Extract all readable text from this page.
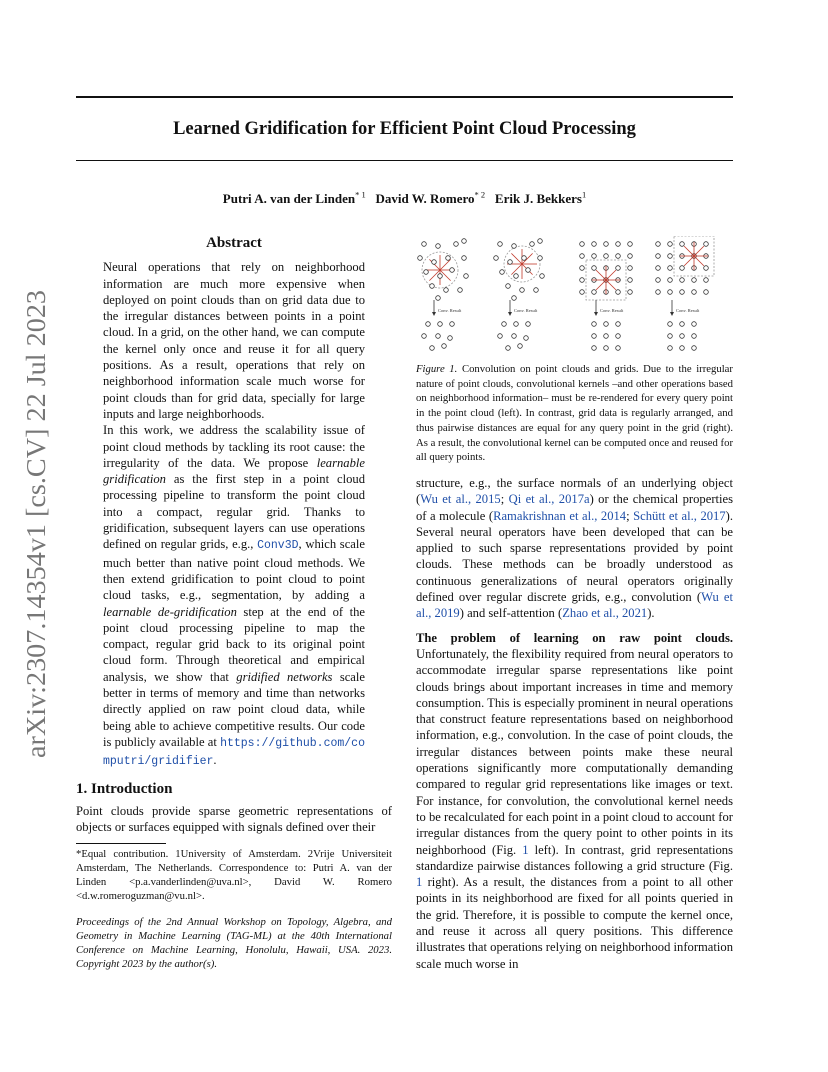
Learned Gridification for Efficient Point Cloud Processing
Putri A. van der Linden$^{* 1}$ David W. Romero$^{* 2}$ Erik J. Bekkers$^1$
arXiv:2307.14354v1 [cs.CV] 22 Jul 2023
Abstract

Neural operations that rely on neighborhood information are much more expensive when deployed on point clouds than on grid data due to the irregular distances between points in a point cloud. In a grid, on the other hand, we can compute the kernel only once and reuse it for all query positions. As a result, operations that rely on neighborhood information scale much worse for point clouds than for grid data, specially for large inputs and large neighborhoods.

In this work, we address the scalability issue of point cloud methods by tackling its root cause: the irregularity of the data. We propose learnable gridification as the first step in a point cloud processing pipeline to transform the point cloud into a compact, regular grid. Thanks to gridification, subsequent layers can use operations defined on regular grids, e.g., Conv3D, which scale much better than native point cloud methods. We then extend gridification to point cloud to point cloud tasks, e.g., segmentation, by adding a learnable de-gridification step at the end of the point cloud processing pipeline to map the compact, regular grid back to its original point cloud form. Through theoretical and empirical analysis, we show that gridified networks scale better in terms of memory and time than networks directly applied on raw point cloud data, while being able to achieve competitive results. Our code is publicly available at https://github.com/computri/gridifier.

1. Introduction

Point clouds provide sparse geometric representations of objects or surfaces equipped with signals defined over their

*Equal contribution. 1University of Amsterdam. 2Vrije Universiteit Amsterdam, The Netherlands. Correspondence to: Putri A. van der Linden <p.a.vanderlinden@uva.nl>, David W. Romero <d.w.romeroguzman@vu.nl>.
Proceedings of the 2nd Annual Workshop on Topology, Algebra, and Geometry in Machine Learning (TAG-ML) at the 40th International Conference on Machine Learning, Honolulu, Hawaii, USA. 2023. Copyright 2023 by the author(s).
Conv. Result	Conv. Result	Conv. Result	Conv. Result
Figure 1. Convolution on point clouds and grids. Due to the irregular nature of point clouds, convolutional kernels –and other operations based on neighborhood information– must be re-rendered for every query point in the point cloud (left). In contrast, grid data is regularly arranged, and thus pairwise distances are equal for any query point in the grid (right). As a result, the convolutional kernel can be computed once and reused for all query points.

structure, e.g., the surface normals of an underlying object (Wu et al., 2015; Qi et al., 2017a) or the chemical properties of a molecule (Ramakrishnan et al., 2014; Schütt et al., 2017). Several neural operators have been developed that can be applied to such sparse representations provided by point clouds. These methods can be broadly understood as continuous generalizations of neural operators originally defined over regular discrete grids, e.g., convolution (Wu et al., 2019) and self-attention (Zhao et al., 2021).

The problem of learning on raw point clouds. Unfortunately, the flexibility required from neural operators to accommodate irregular sparse representations like point clouds brings about important increases in time and memory consumption. This is especially prominent in neural operations that construct feature representations based on neighborhood information, e.g., convolution. In the case of point clouds, the irregular distances between points make these neural operations significantly more computationally demanding compared to regular grid representations like images or text. For instance, for convolution, the convolutional kernel needs to be recalculated for each point in a point cloud to account for irregular distances from the query point to other points in its neighborhood (Fig. 1 left). In contrast, grid representations standardize pairwise distances following a grid structure (Fig. 1 right). As a result, the distances from a point to all other points in its neighborhood are fixed for all points queried in the grid. Therefore, it is possible to compute the kernel once, and reuse it across all query positions. This difference illustrates that operations relying on neighborhood information scale much worse in
